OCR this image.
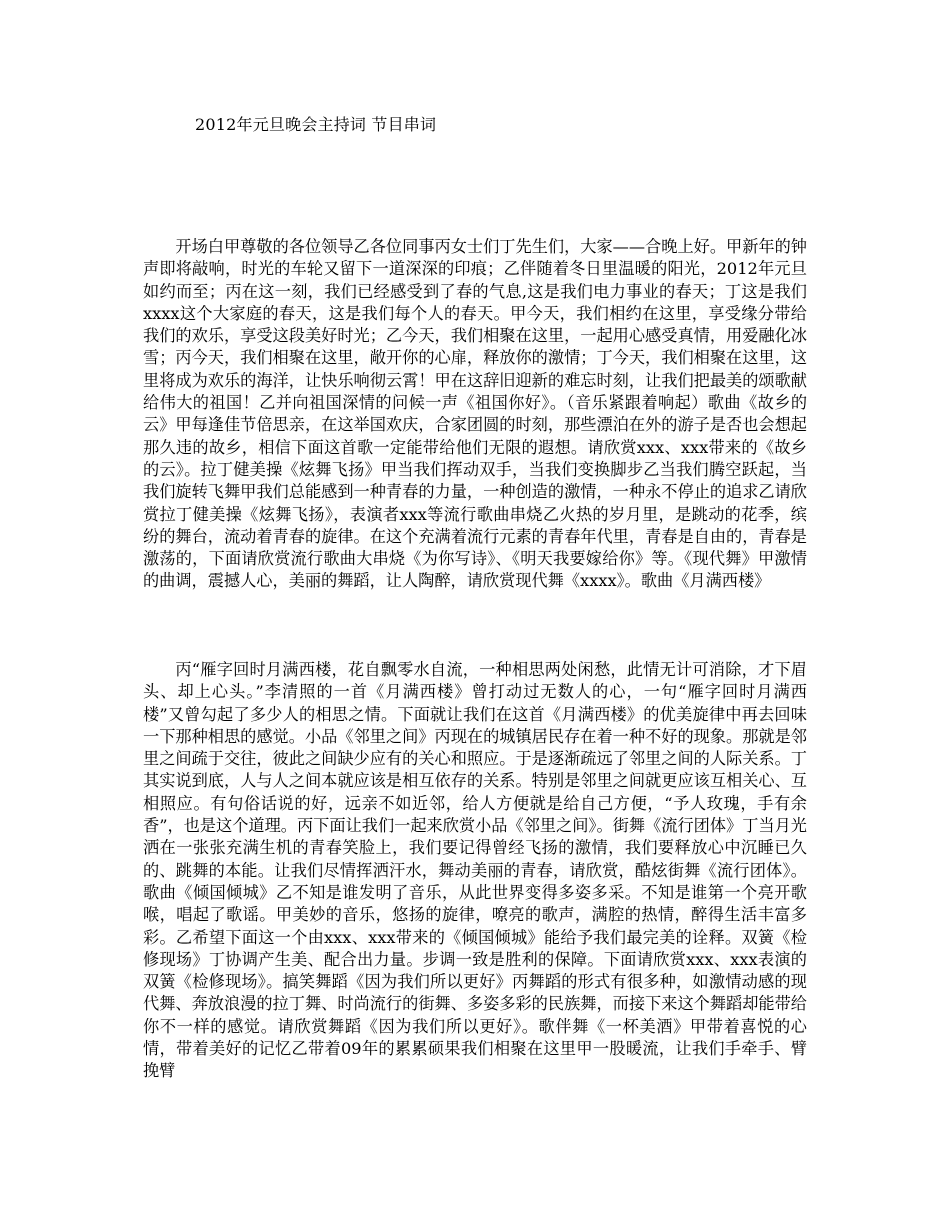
2012年元旦晚会主持词 节目串词

开场白甲尊敬的各位领导乙各位同事丙女士们丁先生们，大家——合晚上好。甲新年的钟声即将敲响，时光的车轮又留下一道深深的印痕；乙伴随着冬日里温暖的阳光，2012年元旦如约而至；丙在这一刻，我们已经感受到了春的气息,这是我们电力事业的春天；丁这是我们xxxx这个大家庭的春天，这是我们每个人的春天。甲今天，我们相约在这里，享受缘分带给我们的欢乐，享受这段美好时光；乙今天，我们相聚在这里，一起用心感受真情，用爱融化冰雪；丙今天，我们相聚在这里，敞开你的心扉，释放你的激情；丁今天，我们相聚在这里，这里将成为欢乐的海洋，让快乐响彻云霄！甲在这辞旧迎新的难忘时刻，让我们把最美的颂歌献给伟大的祖国！乙并向祖国深情的问候一声《祖国你好》。（音乐紧跟着响起）歌曲《故乡的云》甲每逢佳节倍思亲，在这举国欢庆，合家团圆的时刻，那些漂泊在外的游子是否也会想起那久违的故乡，相信下面这首歌一定能带给他们无限的遐想。请欣赏xxx、xxx带来的《故乡的云》。拉丁健美操《炫舞飞扬》甲当我们挥动双手，当我们变换脚步乙当我们腾空跃起，当我们旋转飞舞甲我们总能感到一种青春的力量，一种创造的激情，一种永不停止的追求乙请欣赏拉丁健美操《炫舞飞扬》，表演者xxx等流行歌曲串烧乙火热的岁月里，是跳动的花季，缤纷的舞台，流动着青春的旋律。在这个充满着流行元素的青春年代里，青春是自由的，青春是激荡的，下面请欣赏流行歌曲大串烧《为你写诗》、《明天我要嫁给你》等。《现代舞》甲激情的曲调，震撼人心，美丽的舞蹈，让人陶醉，请欣赏现代舞《xxxx》。歌曲《月满西楼》

丙“雁字回时月满西楼，花自飘零水自流，一种相思两处闲愁，此情无计可消除，才下眉头、却上心头。”李清照的一首《月满西楼》曾打动过无数人的心，一句“雁字回时月满西楼”又曾勾起了多少人的相思之情。下面就让我们在这首《月满西楼》的优美旋律中再去回味一下那种相思的感觉。小品《邻里之间》丙现在的城镇居民存在着一种不好的现象。那就是邻里之间疏于交往，彼此之间缺少应有的关心和照应。于是逐渐疏远了邻里之间的人际关系。丁其实说到底，人与人之间本就应该是相互依存的关系。特别是邻里之间就更应该互相关心、互相照应。有句俗话说的好，远亲不如近邻，给人方便就是给自己方便，“予人玫瑰，手有余香”，也是这个道理。丙下面让我们一起来欣赏小品《邻里之间》。街舞《流行团体》丁当月光洒在一张张充满生机的青春笑脸上，我们要记得曾经飞扬的激情，我们要释放心中沉睡已久的、跳舞的本能。让我们尽情挥洒汗水，舞动美丽的青春，请欣赏，酷炫街舞《流行团体》。歌曲《倾国倾城》乙不知是谁发明了音乐，从此世界变得多姿多采。不知是谁第一个亮开歌喉，唱起了歌谣。甲美妙的音乐，悠扬的旋律，嘹亮的歌声，满腔的热情，醉得生活丰富多彩。乙希望下面这一个由xxx、xxx带来的《倾国倾城》能给予我们最完美的诠释。双簧《检修现场》丁协调产生美、配合出力量。步调一致是胜利的保障。下面请欣赏xxx、xxx表演的双簧《检修现场》。搞笑舞蹈《因为我们所以更好》丙舞蹈的形式有很多种，如激情动感的现代舞、奔放浪漫的拉丁舞、时尚流行的街舞、多姿多彩的民族舞，而接下来这个舞蹈却能带给你不一样的感觉。请欣赏舞蹈《因为我们所以更好》。歌伴舞《一杯美酒》甲带着喜悦的心情，带着美好的记忆乙带着09年的累累硕果我们相聚在这里甲一股暖流，让我们手牵手、臂挽臂
